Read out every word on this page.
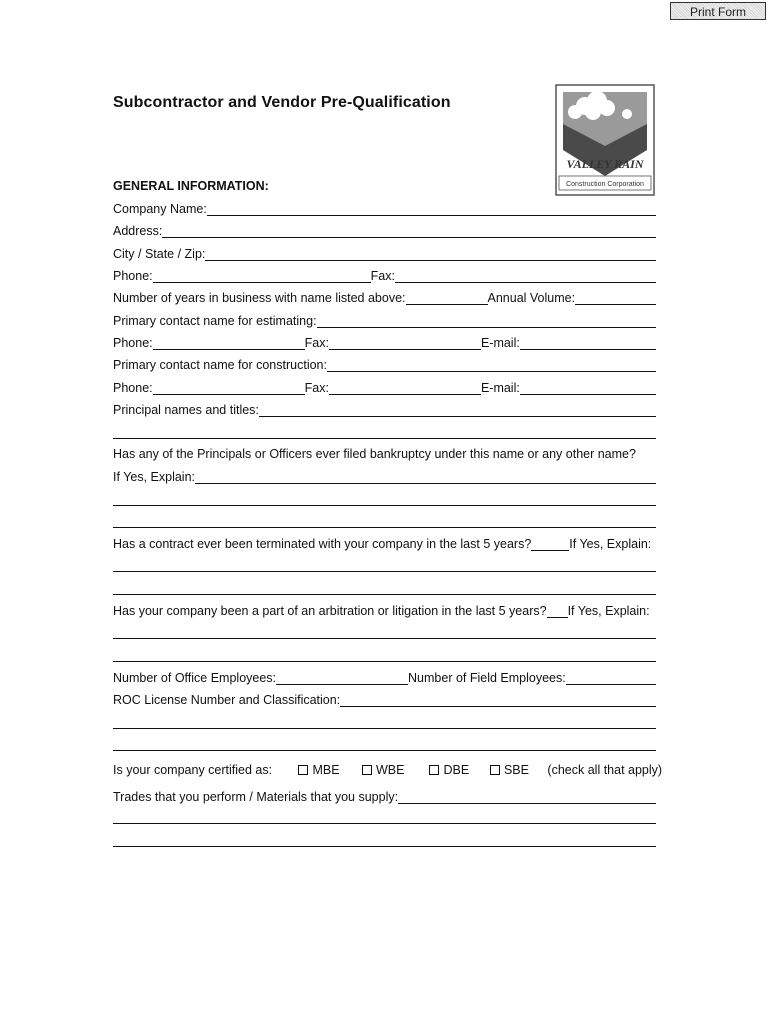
Print Form
Subcontractor and Vendor Pre-Qualification
VALLEY RAIN
Construction Corporation
GENERAL INFORMATION:
Company Name:
Address:
City / State / Zip:
Phone:	Fax:
Number of years in business with name listed above:	Annual Volume:
Primary contact name for estimating:
Phone:	Fax:	E-mail:
Primary contact name for construction:
Phone:	Fax:	E-mail:
Principal names and titles:
Has any of the Principals or Officers ever filed bankruptcy under this name or any other name?
If Yes, Explain:
Has a contract ever been terminated with your company in the last 5 years?	If Yes, Explain:
Has your company been a part of an arbitration or litigation in the last 5 years? If Yes, Explain:
Number of Office Employees:	Number of Field Employees:
ROC License Number and Classification:
Is your company certified as:	MBE	WBE	DBE	SBE (check all that apply)
Trades that you perform / Materials that you supply:
